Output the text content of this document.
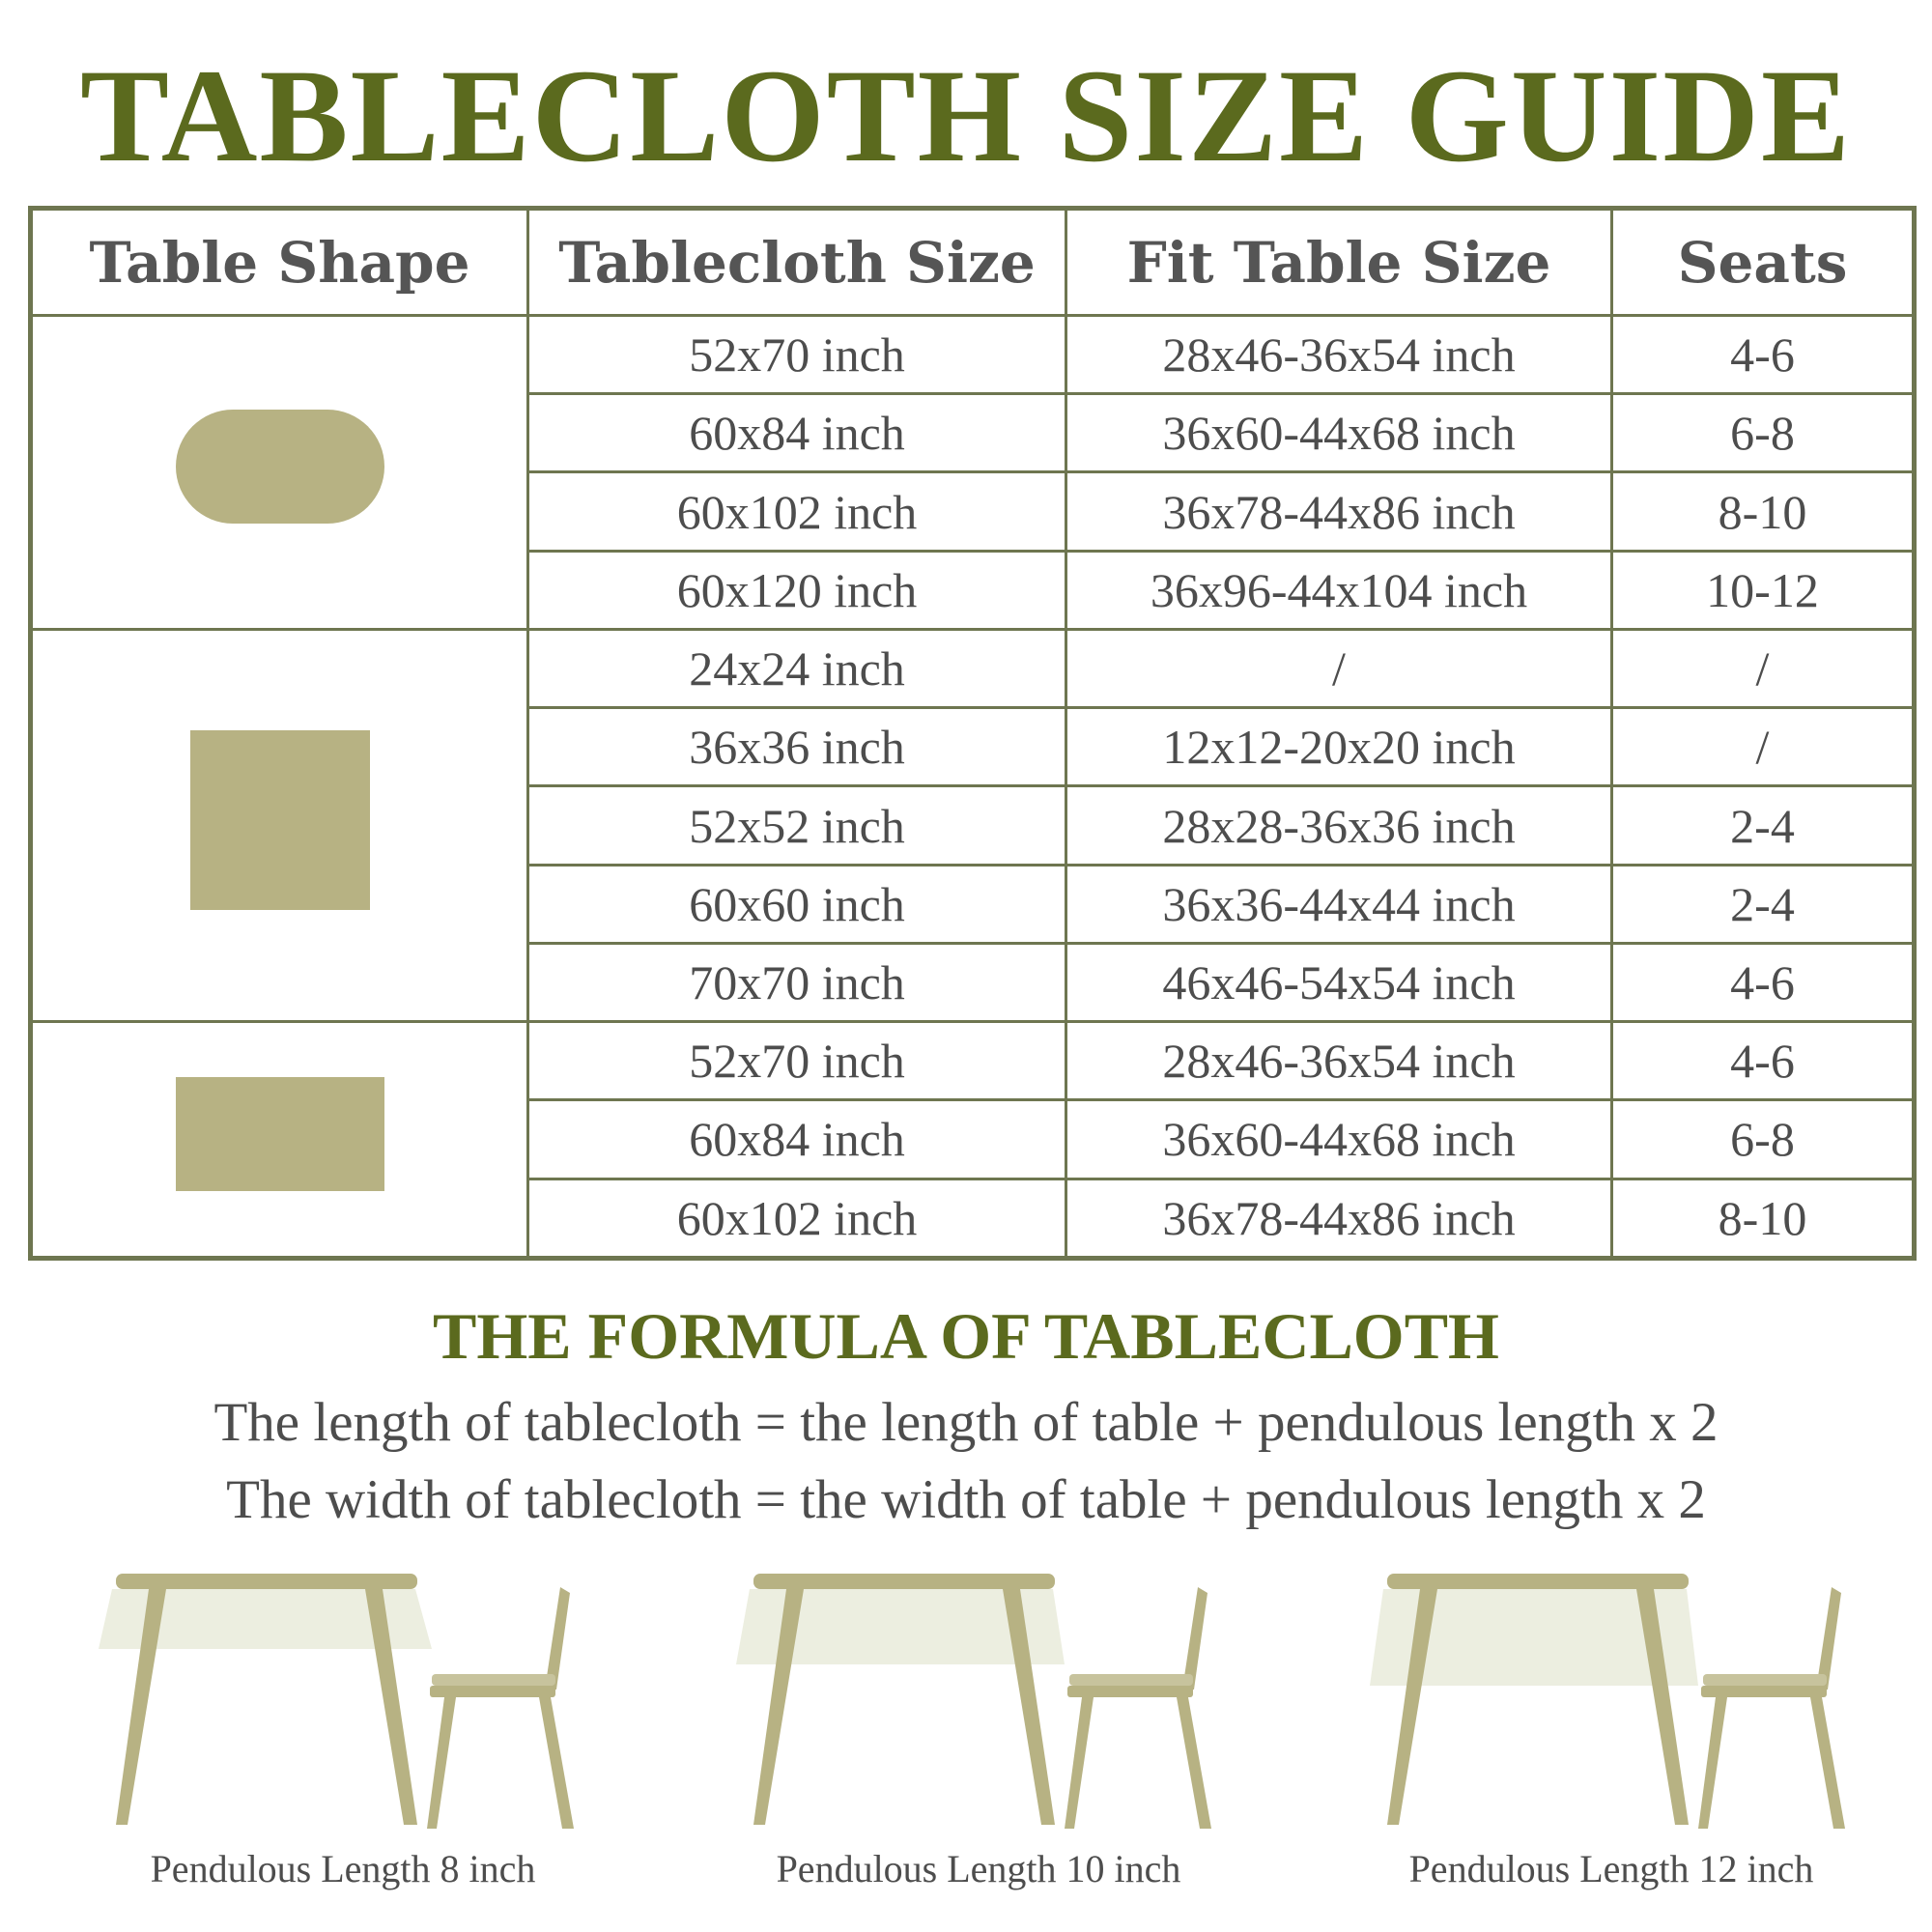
TABLECLOTH SIZE GUIDE
Table Shape	Tablecloth Size	Fit Table Size	Seats
	52x70 inch	28x46-36x54 inch	4-6
	60x84 inch	36x60-44x68 inch	6-8
	60x102 inch	36x78-44x86 inch	8-10
	60x120 inch	36x96-44x104 inch	10-12
	24x24 inch	/	/
	36x36 inch	12x12-20x20 inch	/
	52x52 inch	28x28-36x36 inch	2-4
	60x60 inch	36x36-44x44 inch	2-4
	70x70 inch	46x46-54x54 inch	4-6
	52x70 inch	28x46-36x54 inch	4-6
	60x84 inch	36x60-44x68 inch	6-8
	60x102 inch	36x78-44x86 inch	8-10
THE FORMULA OF TABLECLOTH
The length of tablecloth = the length of table + pendulous length x 2
The width of tablecloth = the width of table + pendulous length x 2
Pendulous Length 8 inch	Pendulous Length 10 inch	Pendulous Length 12 inch
